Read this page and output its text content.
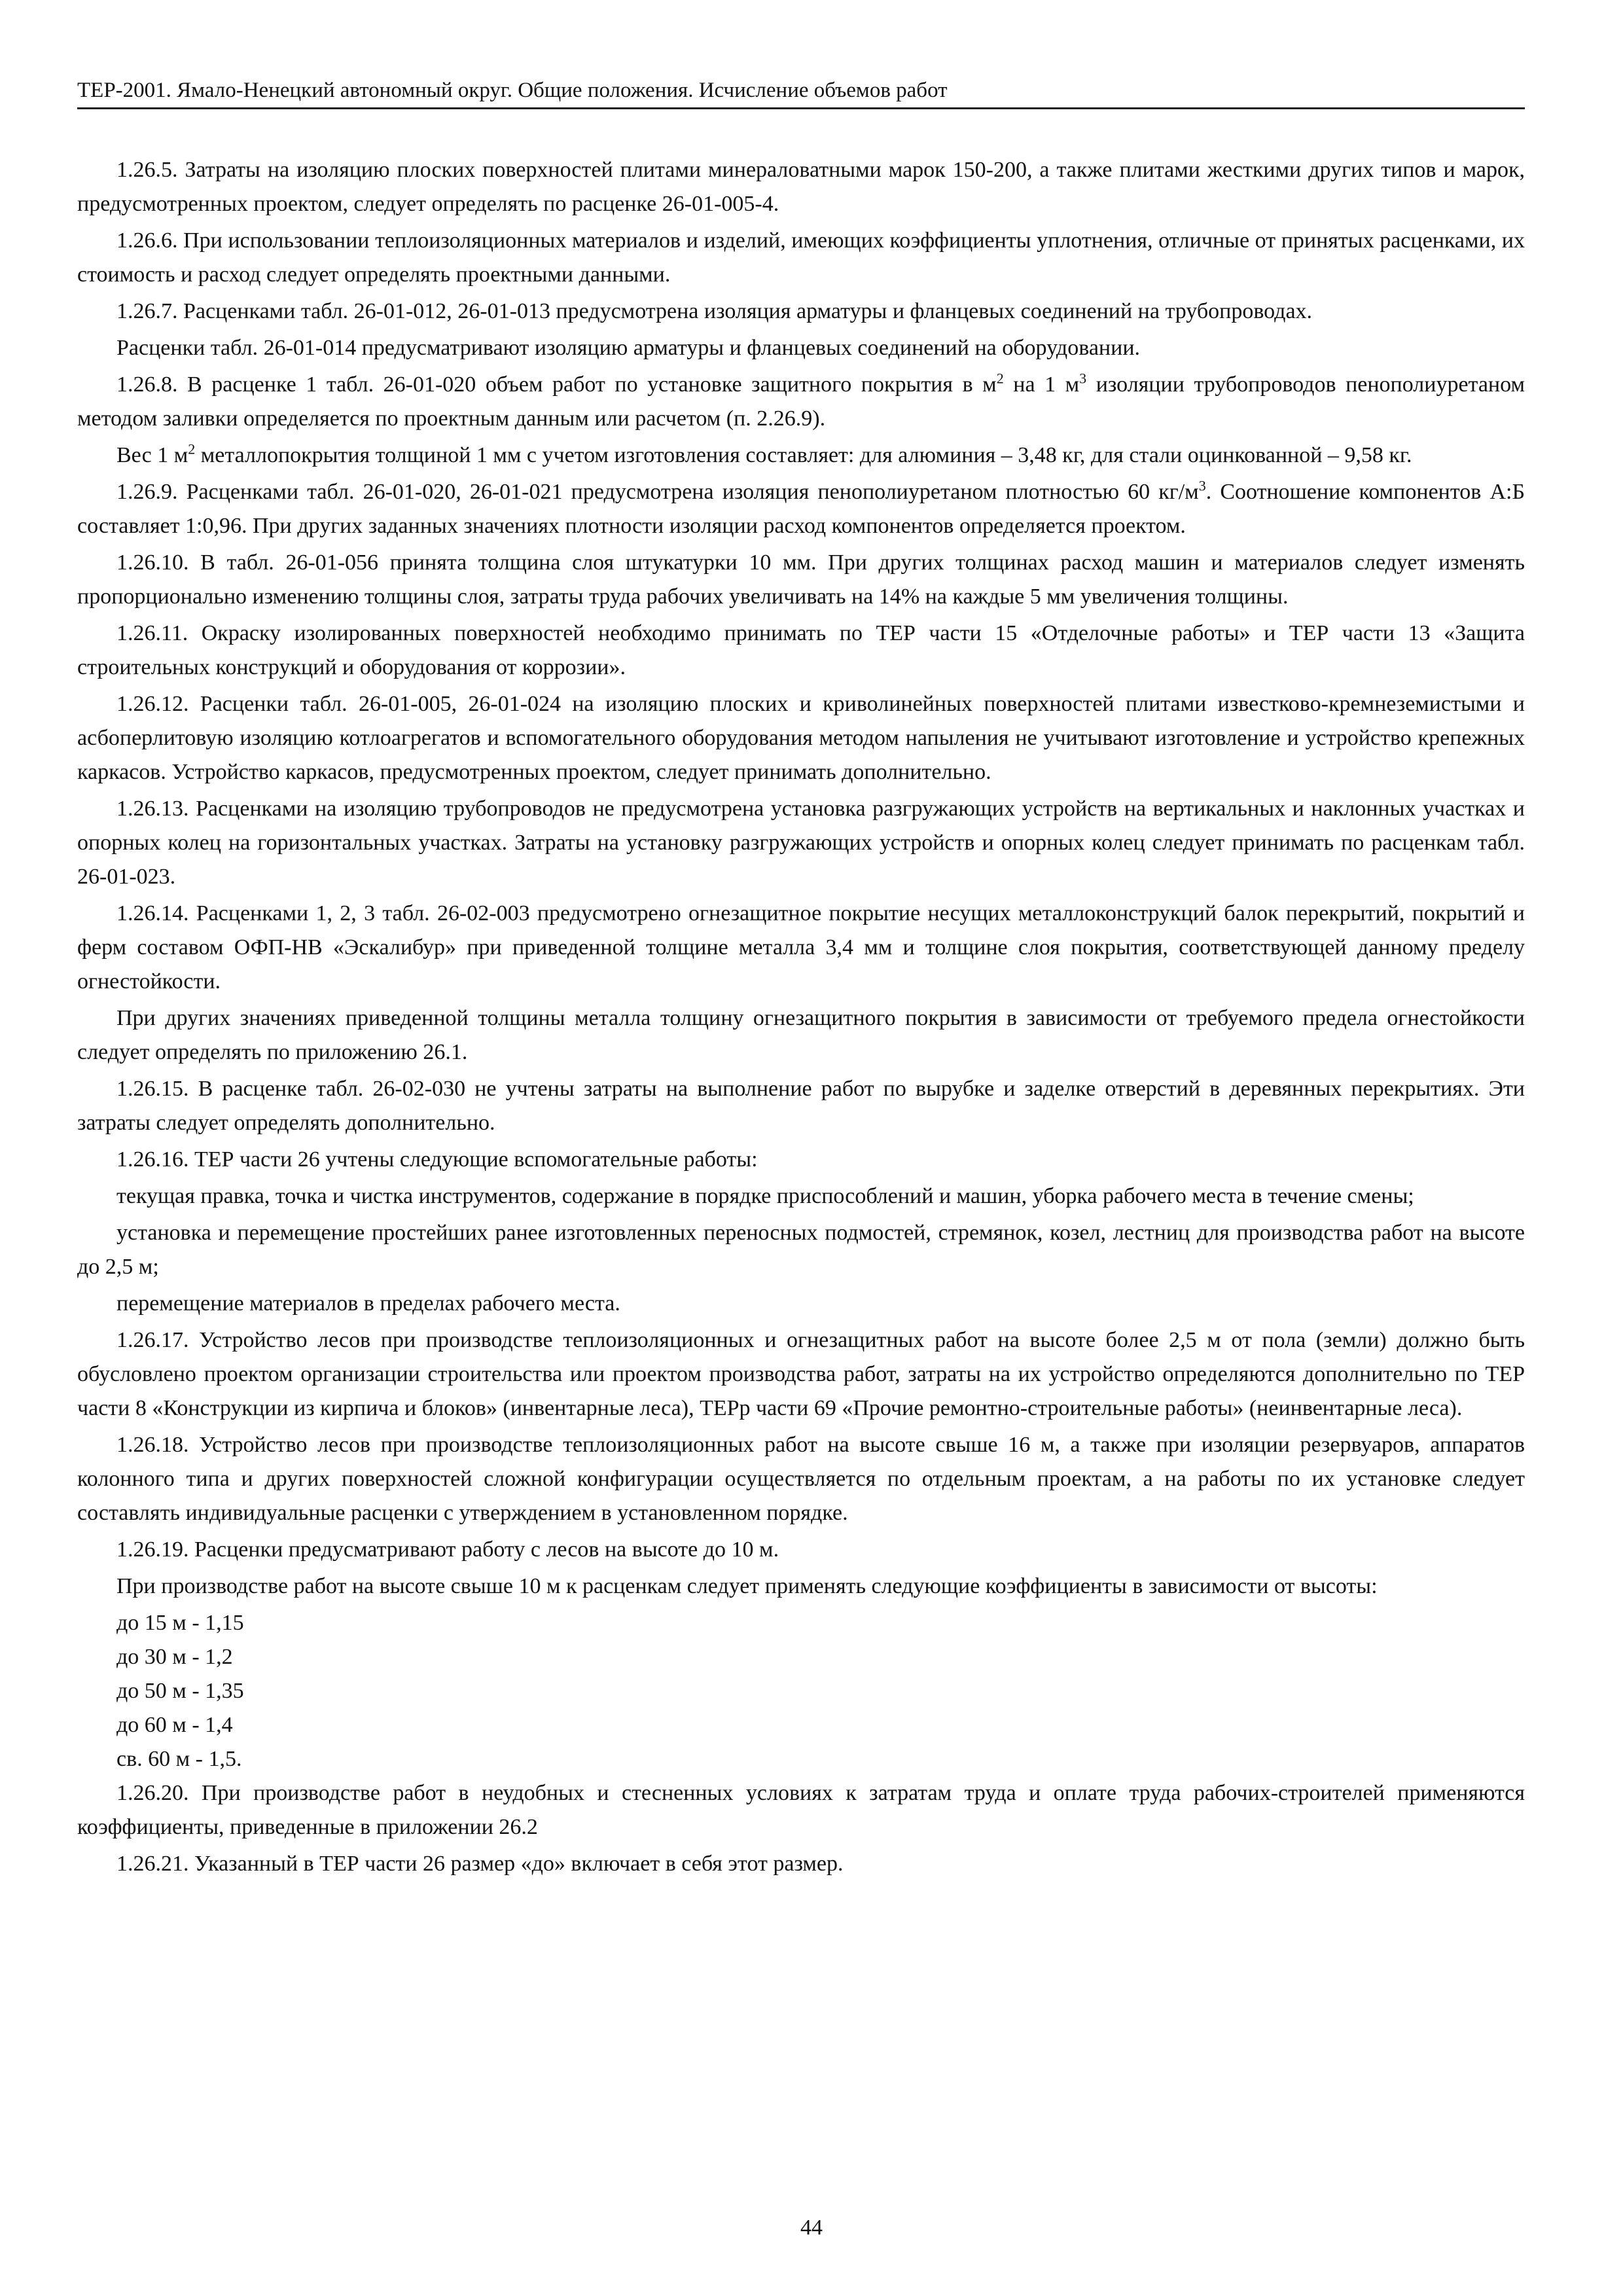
ТЕР-2001. Ямало-Ненецкий автономный округ. Общие положения. Исчисление объемов работ

1.26.5. Затраты на изоляцию плоских поверхностей плитами минераловатными марок 150-200, а также плитами жесткими других типов и марок, предусмотренных проектом, следует определять по расценке 26-01-005-4.

1.26.6. При использовании теплоизоляционных материалов и изделий, имеющих коэффициенты уплотнения, отличные от принятых расценками, их стоимость и расход следует определять проектными данными.

1.26.7. Расценками табл. 26-01-012, 26-01-013 предусмотрена изоляция арматуры и фланцевых соединений на трубопроводах.

Расценки табл. 26-01-014 предусматривают изоляцию арматуры и фланцевых соединений на оборудовании.

1.26.8. В расценке 1 табл. 26-01-020 объем работ по установке защитного покрытия в $м^2$ на 1 $м^3$ изоляции трубопроводов пенополиуретаном методом заливки определяется по проектным данным или расчетом (п. 2.26.9).

Вес 1 $м^2$ металлопокрытия толщиной 1 мм с учетом изготовления составляет: для алюминия – 3,48 кг, для стали оцинкованной – 9,58 кг.

1.26.9. Расценками табл. 26-01-020, 26-01-021 предусмотрена изоляция пенополиуретаном плотностью 60 $кг/м^3$. Соотношение компонентов А:Б составляет 1:0,96. При других заданных значениях плотности изоляции расход компонентов определяется проектом.

1.26.10. В табл. 26-01-056 принята толщина слоя штукатурки 10 мм. При других толщинах расход машин и материалов следует изменять пропорционально изменению толщины слоя, затраты труда рабочих увеличивать на 14% на каждые 5 мм увеличения толщины.

1.26.11. Окраску изолированных поверхностей необходимо принимать по ТЕР части 15 «Отделочные работы» и ТЕР части 13 «Защита строительных конструкций и оборудования от коррозии».

1.26.12. Расценки табл. 26-01-005, 26-01-024 на изоляцию плоских и криволинейных поверхностей плитами известково-кремнеземистыми и асбоперлитовую изоляцию котлоагрегатов и вспомогательного оборудования методом напыления не учитывают изготовление и устройство крепежных каркасов. Устройство каркасов, предусмотренных проектом, следует принимать дополнительно.

1.26.13. Расценками на изоляцию трубопроводов не предусмотрена установка разгружающих устройств на вертикальных и наклонных участках и опорных колец на горизонтальных участках. Затраты на установку разгружающих устройств и опорных колец следует принимать по расценкам табл. 26-01-023.

1.26.14. Расценками 1, 2, 3 табл. 26-02-003 предусмотрено огнезащитное покрытие несущих металлоконструкций балок перекрытий, покрытий и ферм составом ОФП-НВ «Эскалибур» при приведенной толщине металла 3,4 мм и толщине слоя покрытия, соответствующей данному пределу огнестойкости.

При других значениях приведенной толщины металла толщину огнезащитного покрытия в зависимости от требуемого предела огнестойкости следует определять по приложению 26.1.

1.26.15. В расценке табл. 26-02-030 не учтены затраты на выполнение работ по вырубке и заделке отверстий в деревянных перекрытиях. Эти затраты следует определять дополнительно.

1.26.16. ТЕР части 26 учтены следующие вспомогательные работы:

текущая правка, точка и чистка инструментов, содержание в порядке приспособлений и машин, уборка рабочего места в течение смены;

установка и перемещение простейших ранее изготовленных переносных подмостей, стремянок, козел, лестниц для производства работ на высоте до 2,5 м;

перемещение материалов в пределах рабочего места.

1.26.17. Устройство лесов при производстве теплоизоляционных и огнезащитных работ на высоте более 2,5 м от пола (земли) должно быть обусловлено проектом организации строительства или проектом производства работ, затраты на их устройство определяются дополнительно по ТЕР части 8 «Конструкции из кирпича и блоков» (инвентарные леса), ТЕРр части 69 «Прочие ремонтно-строительные работы» (неинвентарные леса).

1.26.18. Устройство лесов при производстве теплоизоляционных работ на высоте свыше 16 м, а также при изоляции резервуаров, аппаратов колонного типа и других поверхностей сложной конфигурации осуществляется по отдельным проектам, а на работы по их установке следует составлять индивидуальные расценки с утверждением в установленном порядке.

1.26.19. Расценки предусматривают работу с лесов на высоте до 10 м.

При производстве работ на высоте свыше 10 м к расценкам следует применять следующие коэффициенты в зависимости от высоты:

до 15 м - 1,15

до 30 м - 1,2

до 50 м - 1,35

до 60 м - 1,4

св. 60 м - 1,5.

1.26.20. При производстве работ в неудобных и стесненных условиях к затратам труда и оплате труда рабочих-строителей применяются коэффициенты, приведенные в приложении 26.2

1.26.21. Указанный в ТЕР части 26 размер «до» включает в себя этот размер.

44
